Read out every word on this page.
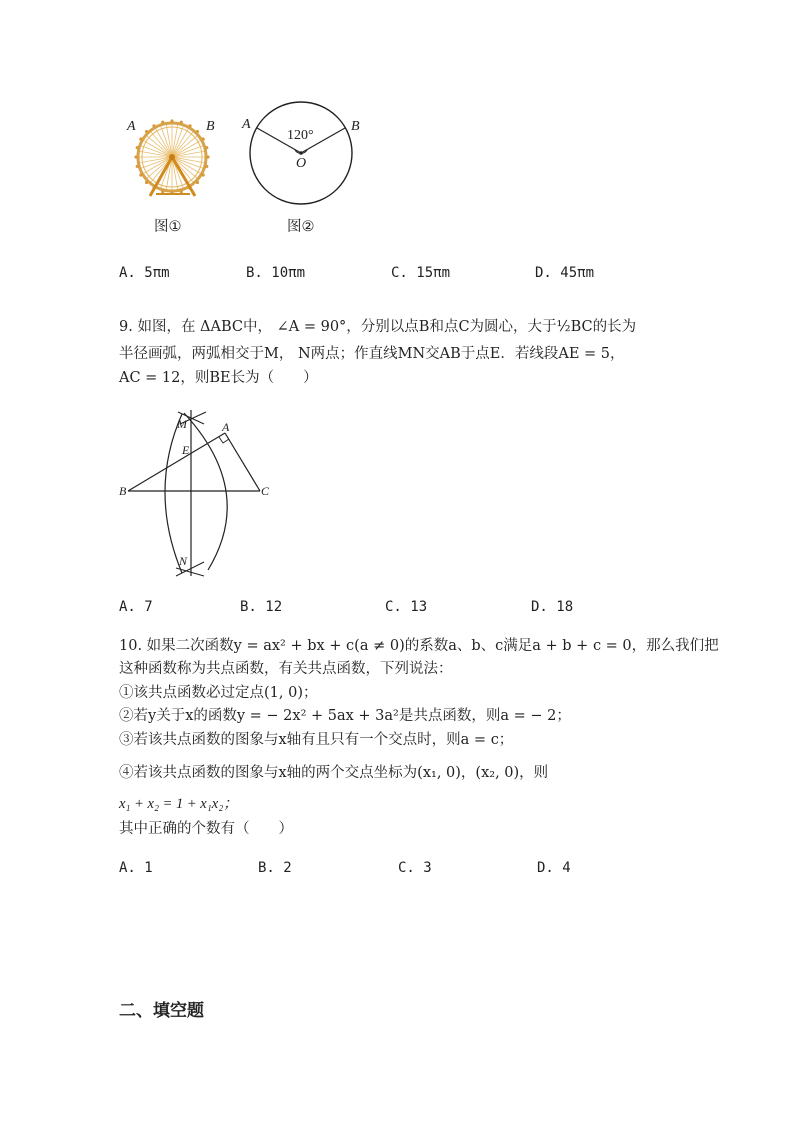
A	B
图①
A	B
120°
O
图②
A. 5πm	B. 10πm	C. 15πm	D. 45πm
9. 如图，在 ΔABC中， ∠A = 90°，分别以点B和点C为圆心，大于½BC的长为
半径画弧，两弧相交于M， N两点；作直线MN交AB于点E．若线段AE = 5，
AC = 12，则BE长为（　　）
M	A
E
B	C
N
A. 7	B. 12	C. 13	D. 18
10. 如果二次函数y = ax² + bx + c(a ≠ 0)的系数a、b、c满足a + b + c = 0，那么我们把
这种函数称为共点函数，有关共点函数，下列说法：
①该共点函数必过定点(1, 0)；
②若y关于x的函数y = − 2x² + 5ax + 3a²是共点函数，则a = − 2；
③若该共点函数的图象与x轴有且只有一个交点时，则a = c；
④若该共点函数的图象与x轴的两个交点坐标为(x₁, 0)，(x₂, 0)，则
x₁ + x₂ = 1 + x₁x₂；
其中正确的个数有（　　）
A. 1	B. 2	C. 3	D. 4
二、填空题
